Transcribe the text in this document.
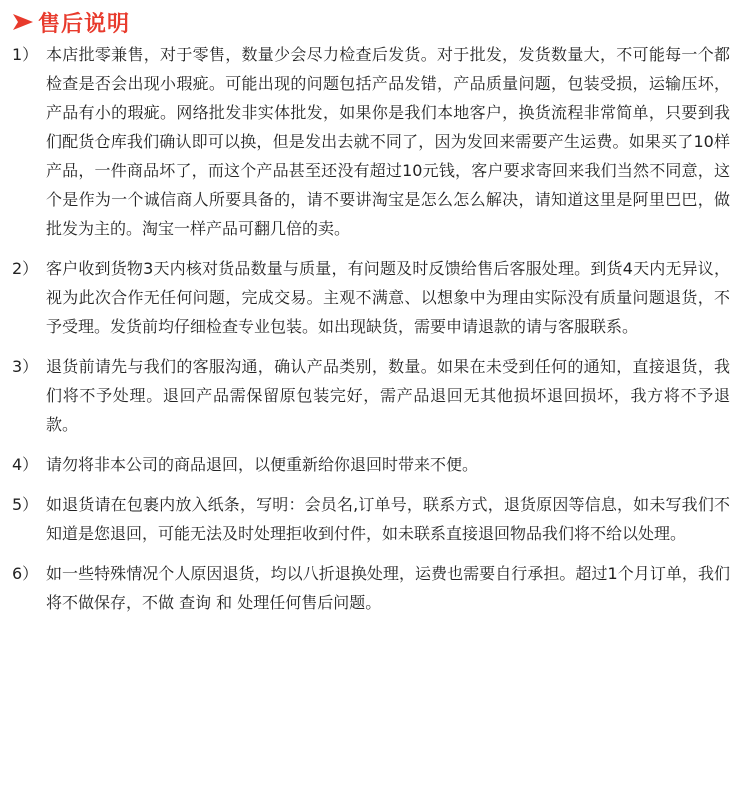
售后说明
1） 本店批零兼售，对于零售，数量少会尽力检查后发货。对于批发，发货数量大，不可能每一个都检查是否会出现小瑕疵。可能出现的问题包括产品发错，产品质量问题，包装受损，运输压坏，产品有小的瑕疵。网络批发非实体批发，如果你是我们本地客户，换货流程非常简单，只要到我们配货仓库我们确认即可以换，但是发出去就不同了，因为发回来需要产生运费。如果买了10样产品，一件商品坏了，而这个产品甚至还没有超过10元钱，客户要求寄回来我们当然不同意，这个是作为一个诚信商人所要具备的，请不要讲淘宝是怎么怎么解决，请知道这里是阿里巴巴，做批发为主的。淘宝一样产品可翻几倍的卖。
2） 客户收到货物3天内核对货品数量与质量，有问题及时反馈给售后客服处理。到货4天内无异议，视为此次合作无任何问题，完成交易。主观不满意、以想象中为理由实际没有质量问题退货，不予受理。发货前均仔细检查专业包装。如出现缺货，需要申请退款的请与客服联系。
3） 退货前请先与我们的客服沟通，确认产品类别，数量。如果在未受到任何的通知，直接退货，我们将不予处理。退回产品需保留原包装完好，需产品退回无其他损坏退回损坏，我方将不予退款。
4） 请勿将非本公司的商品退回，以便重新给你退回时带来不便。
5） 如退货请在包裹内放入纸条，写明：会员名,订单号，联系方式，退货原因等信息，如未写我们不知道是您退回，可能无法及时处理拒收到付件，如未联系直接退回物品我们将不给以处理。
6） 如一些特殊情况个人原因退货，均以八折退换处理，运费也需要自行承担。超过1个月订单，我们将不做保存，不做 查询 和 处理任何售后问题。
